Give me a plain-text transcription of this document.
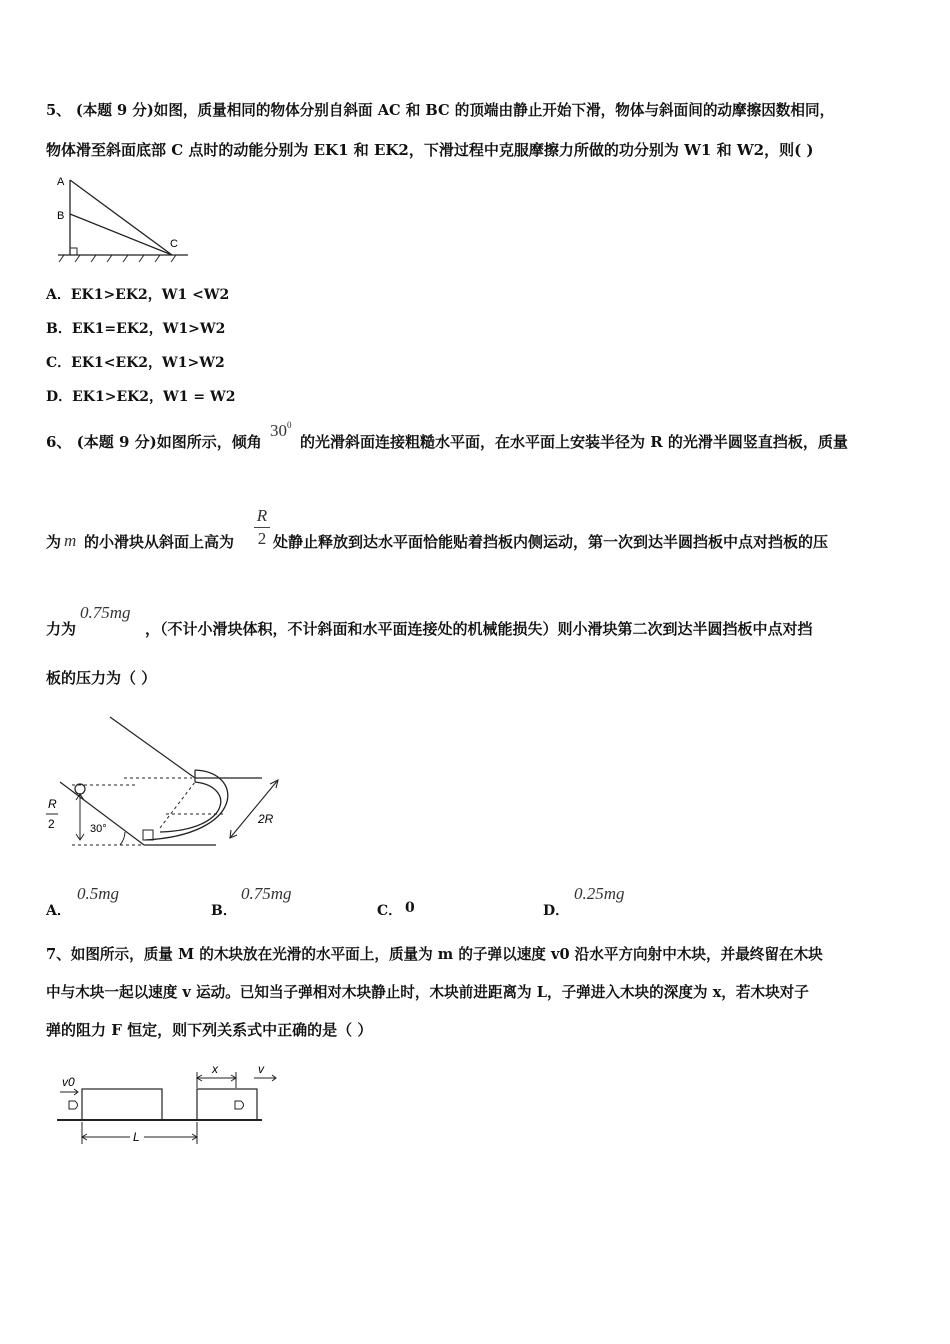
5、 (本题 9 分)如图，质量相同的物体分别自斜面 AC 和 BC 的顶端由静止开始下滑，物体与斜面间的动摩擦因数相同，
物体滑至斜面底部 C 点时的动能分别为 EK1 和 EK2，下滑过程中克服摩擦力所做的功分别为 W1 和 W2，则( )
A
B
C
A．EK1>EK2，W1 <W2
B．EK1=EK2，W1>W2
C．EK1<EK2，W1>W2
D．EK1>EK2，W1 = W2
6、 (本题 9 分)如图所示，倾角
$30^0$
的光滑斜面连接粗糙水平面，在水平面上安装半径为 R 的光滑半圆竖直挡板，质量
为 m 的小滑块从斜面上高为
R
2 处静止释放到达水平面恰能贴着挡板内侧运动，第一次到达半圆挡板中点对挡板的压
力为
0.75mg
，（不计小滑块体积，不计斜面和水平面连接处的机械能损失）则小滑块第二次到达半圆挡板中点对挡
板的压力为（ ）
R
2	30°
2R
A．
0.5mg
B．
0.75mg
C． 0	D．
0.25mg
7、如图所示，质量 M 的木块放在光滑的水平面上，质量为 m 的子弹以速度 v0 沿水平方向射中木块，并最终留在木块
中与木块一起以速度 v 运动。已知当子弹相对木块静止时，木块前进距离为 L，子弹进入木块的深度为 x，若木块对子
弹的阻力 F 恒定，则下列关系式中正确的是（ ）
v0
x	v
L
